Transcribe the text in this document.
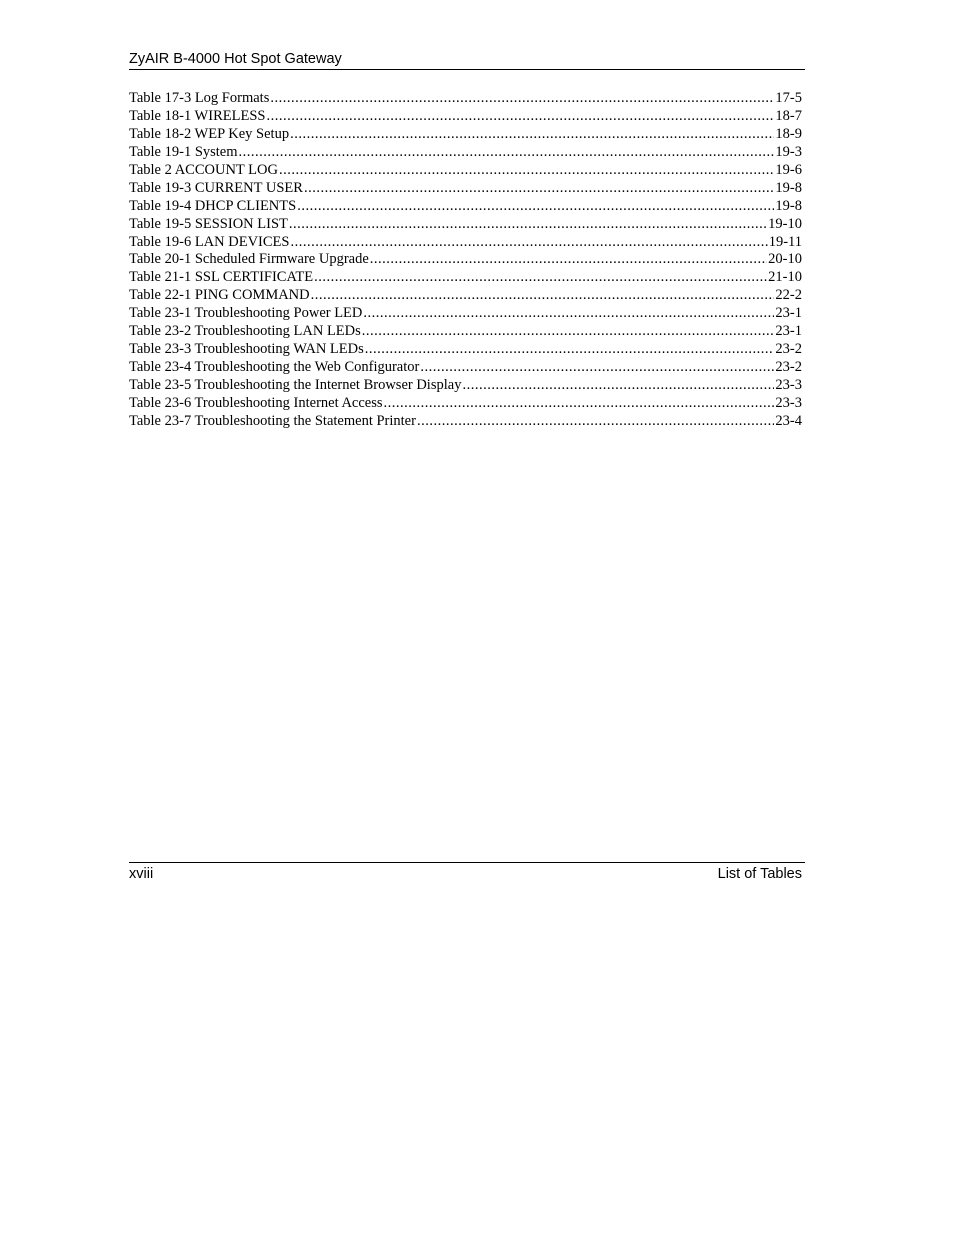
ZyAIR B-4000 Hot Spot Gateway
Table 17-3 Log Formats .....	17-5
Table 18-1 WIRELESS .....	18-7
Table 18-2 WEP Key Setup .....	18-9
Table 19-1 System .....	19-3
Table 2 ACCOUNT LOG .....	19-6
Table 19-3 CURRENT USER .....	19-8
Table 19-4 DHCP CLIENTS .....	19-8
Table 19-5 SESSION LIST .....	19-10
Table 19-6 LAN DEVICES .....	19-11
Table 20-1 Scheduled Firmware Upgrade .....	20-10
Table 21-1 SSL CERTIFICATE .....	21-10
Table 22-1 PING COMMAND .....	22-2
Table 23-1 Troubleshooting Power LED .....	23-1
Table 23-2 Troubleshooting LAN LEDs .....	23-1
Table 23-3 Troubleshooting WAN LEDs .....	23-2
Table 23-4 Troubleshooting the Web Configurator .....	23-2
Table 23-5 Troubleshooting the Internet Browser Display .....	23-3
Table 23-6 Troubleshooting Internet Access .....	23-3
Table 23-7 Troubleshooting the Statement Printer .....	23-4
xviii	List of Tables
